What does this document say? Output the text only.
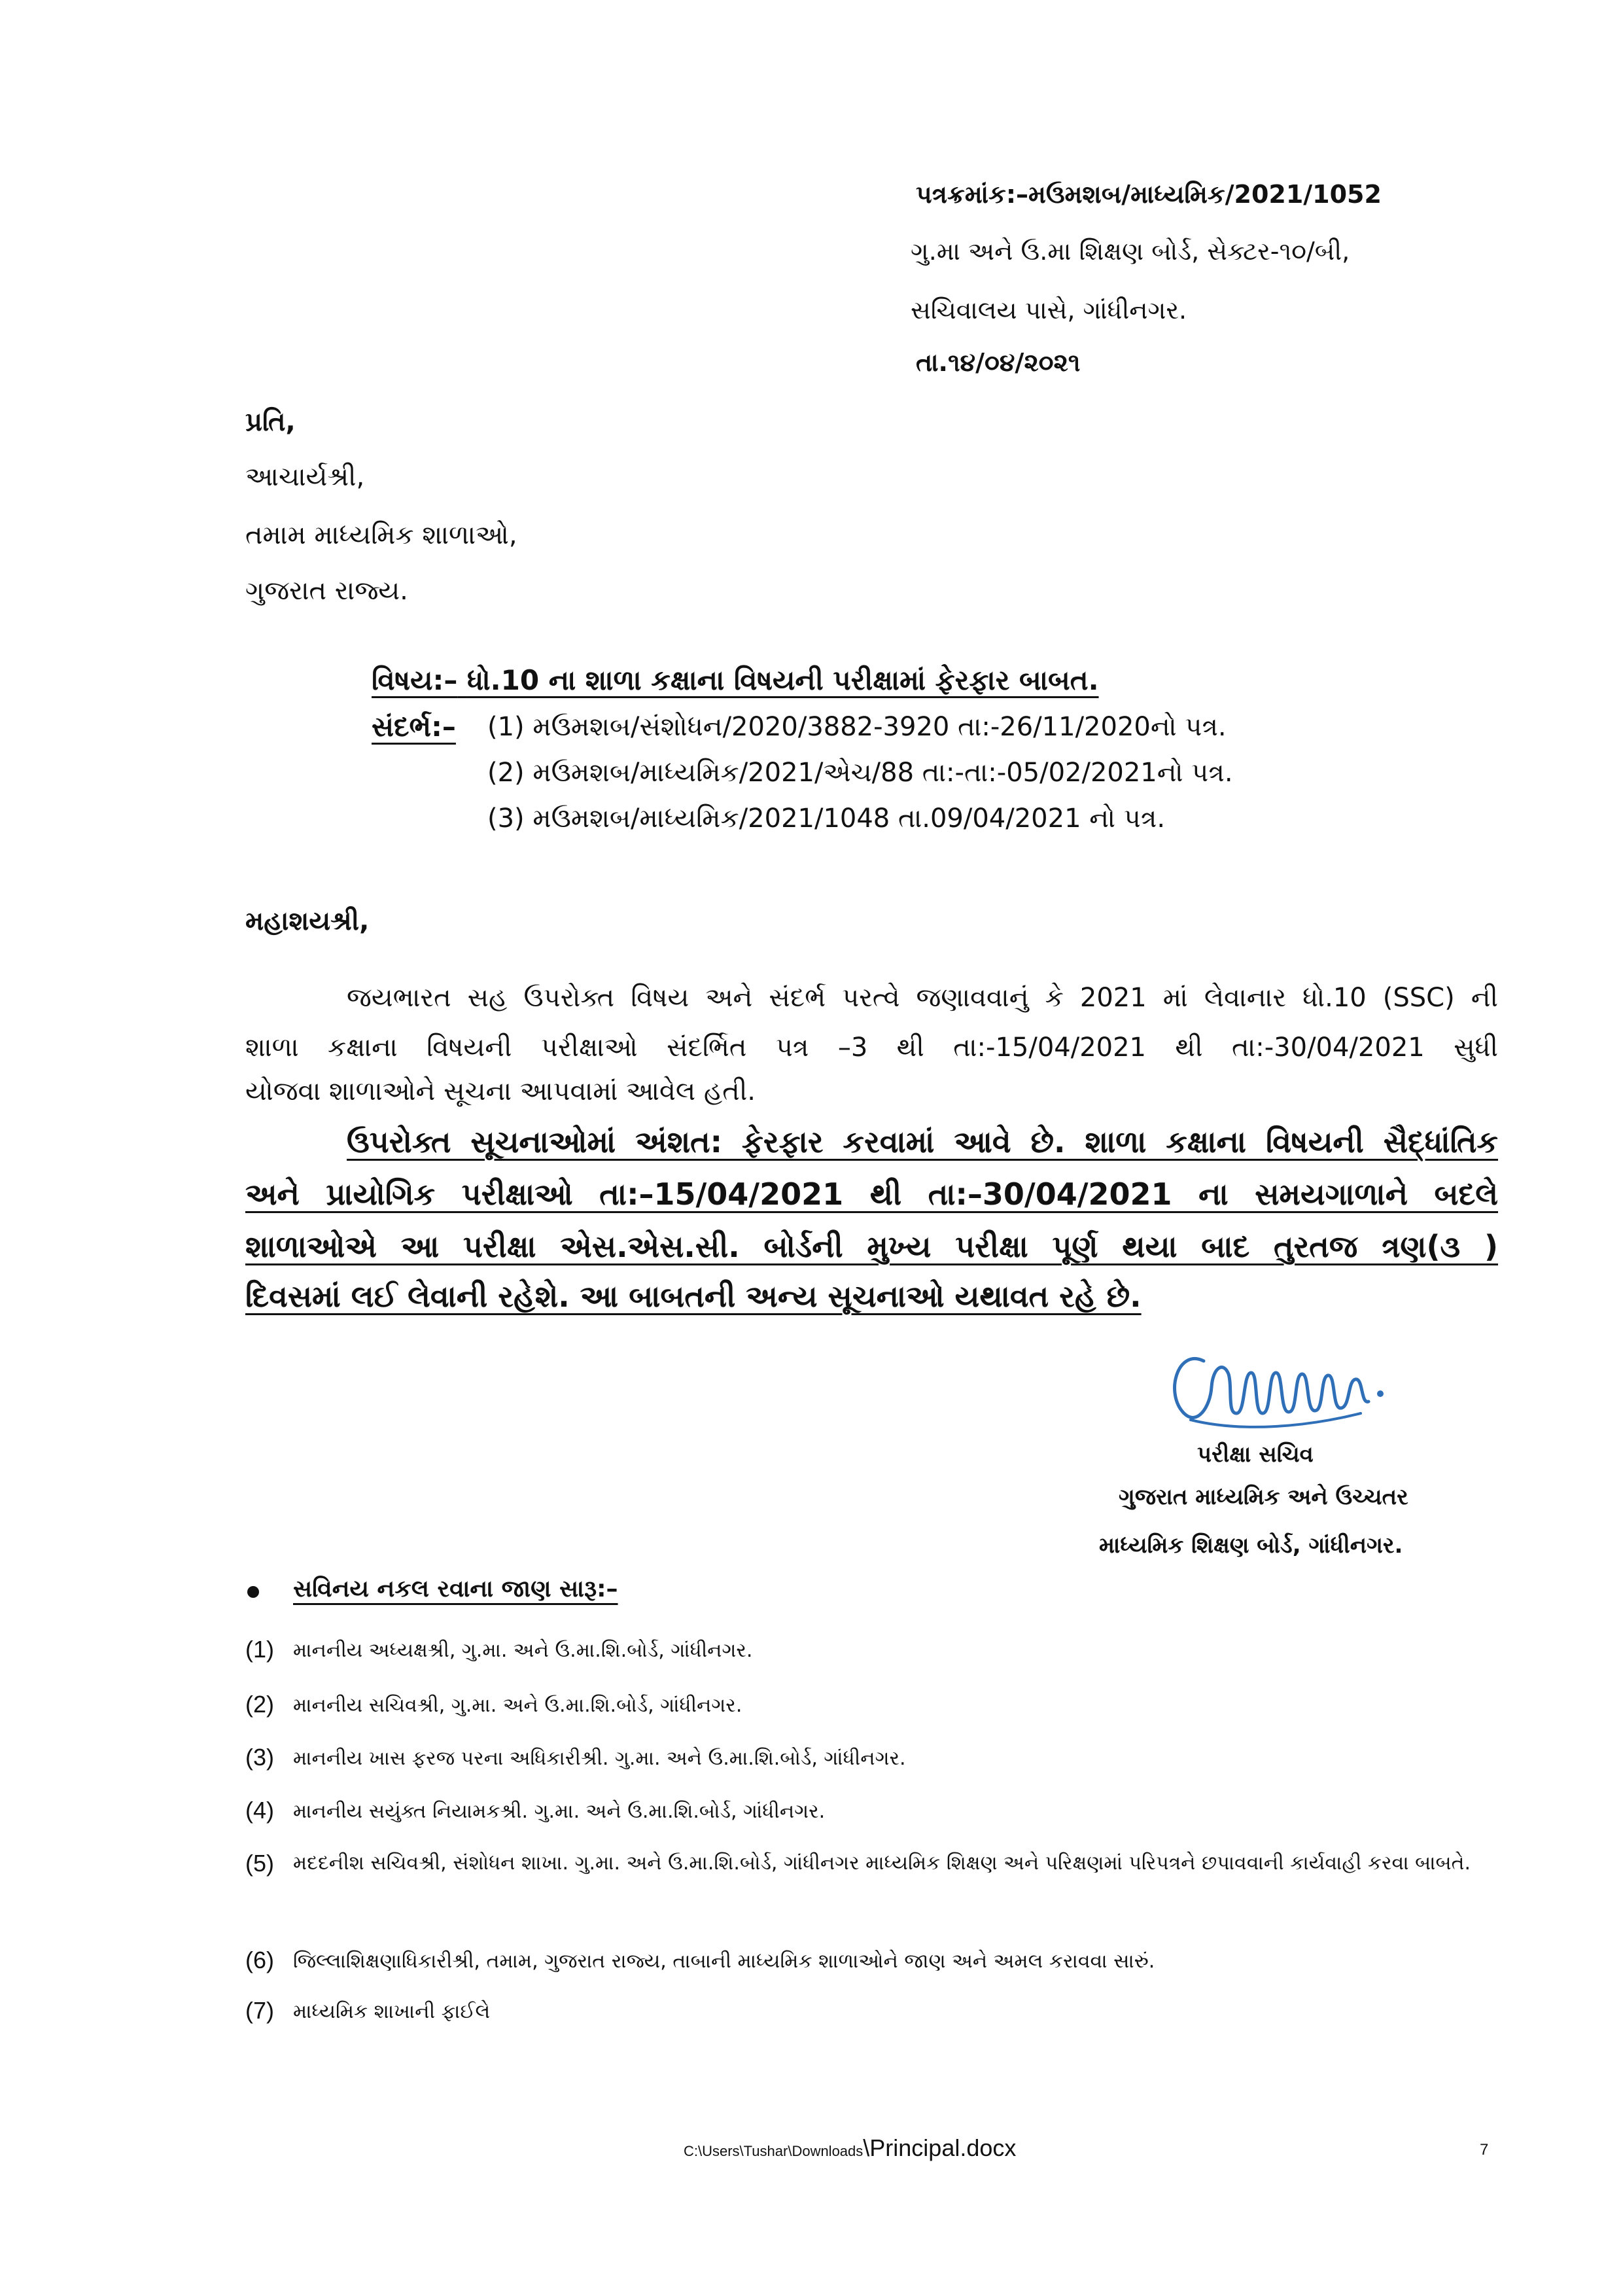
પત્રક્રમાંક:–મઉમશબ/માધ્યમિક/2021/1052

ગુ.મા અને ઉ.મા શિક્ષણ બોર્ડ, સેક્ટર-૧૦/બી,

સચિવાલય પાસે, ગાંધીનગર.

તા.૧૪/૦૪/૨૦૨૧

પ્રતિ,

આચાર્યશ્રી,

તમામ માધ્યમિક શાળાઓ,

ગુજરાત રાજ્ય.

વિષય:– ધો.10 ના શાળા કક્ષાના વિષયની પરીક્ષામાં ફેરફાર બાબત.

સંદર્ભ:– (1) મઉમશબ/સંશોધન/2020/3882-3920 તા:-26/11/2020નો પત્ર.

(2) મઉમશબ/માધ્યમિક/2021/એચ/88 તા:-તા:-05/02/2021નો પત્ર.

(3) મઉમશબ/માધ્યમિક/2021/1048 તા.09/04/2021 નો પત્ર.

મહાશયશ્રી,

જયભારત સહ ઉપરોક્ત વિષય અને સંદર્ભ પરત્વે જણાવવાનું કે 2021 માં લેવાનાર ધો.10 (SSC) ની

શાળા કક્ષાના વિષયની પરીક્ષાઓ સંદર્ભિત પત્ર –3 થી તા:-15/04/2021 થી તા:-30/04/2021 સુધી

યોજવા શાળાઓને સૂચના આપવામાં આવેલ હતી.

ઉપરોક્ત સૂચનાઓમાં અંશત: ફેરફાર કરવામાં આવે છે. શાળા કક્ષાના વિષયની સૈદ્ધાંતિક

અને પ્રાયોગિક પરીક્ષાઓ તા:–15/04/2021 થી તા:–30/04/2021 ના સમયગાળાને બદલે

શાળાઓએ આ પરીક્ષા એસ.એસ.સી. બોર્ડની મુખ્ય પરીક્ષા પૂર્ણ થયા બાદ તુરતજ ત્રણ(૩ )

દિવસમાં લઈ લેવાની રહેશે. આ બાબતની અન્ય સૂચનાઓ યથાવત રહે છે.

પરીક્ષા સચિવ

ગુજરાત માધ્યમિક અને ઉચ્ચતર

માધ્યમિક શિક્ષણ બોર્ડ, ગાંધીનગર.

સવિનય નકલ રવાના જાણ સારૂ:–

(1) માનનીય અધ્યક્ષશ્રી, ગુ.મા. અને ઉ.મા.શિ.બોર્ડ, ગાંધીનગર.
(2) માનનીય સચિવશ્રી, ગુ.મા. અને ઉ.મા.શિ.બોર્ડ, ગાંધીનગર.
(3) માનનીય ખાસ ફરજ પરના અધિકારીશ્રી. ગુ.મા. અને ઉ.મા.શિ.બોર્ડ, ગાંધીનગર.
(4) માનનીય સયુંક્ત નિયામકશ્રી. ગુ.મા. અને ઉ.મા.શિ.બોર્ડ, ગાંધીનગર.
(5) મદદનીશ સચિવશ્રી, સંશોધન શાખા. ગુ.મા. અને ઉ.મા.શિ.બોર્ડ, ગાંધીનગર માધ્યમિક શિક્ષણ અને પરિક્ષણમાં પરિપત્રને છપાવવાની કાર્યવાહી કરવા બાબતે.
(6) જિલ્લાશિક્ષણાધિકારીશ્રી, તમામ, ગુજરાત રાજ્ય, તાબાની માધ્યમિક શાળાઓને જાણ અને અમલ કરાવવા સારું.
(7) માધ્યમિક શાખાની ફાઈલે

C:\Users\Tushar\Downloads\Principal.docx	7
